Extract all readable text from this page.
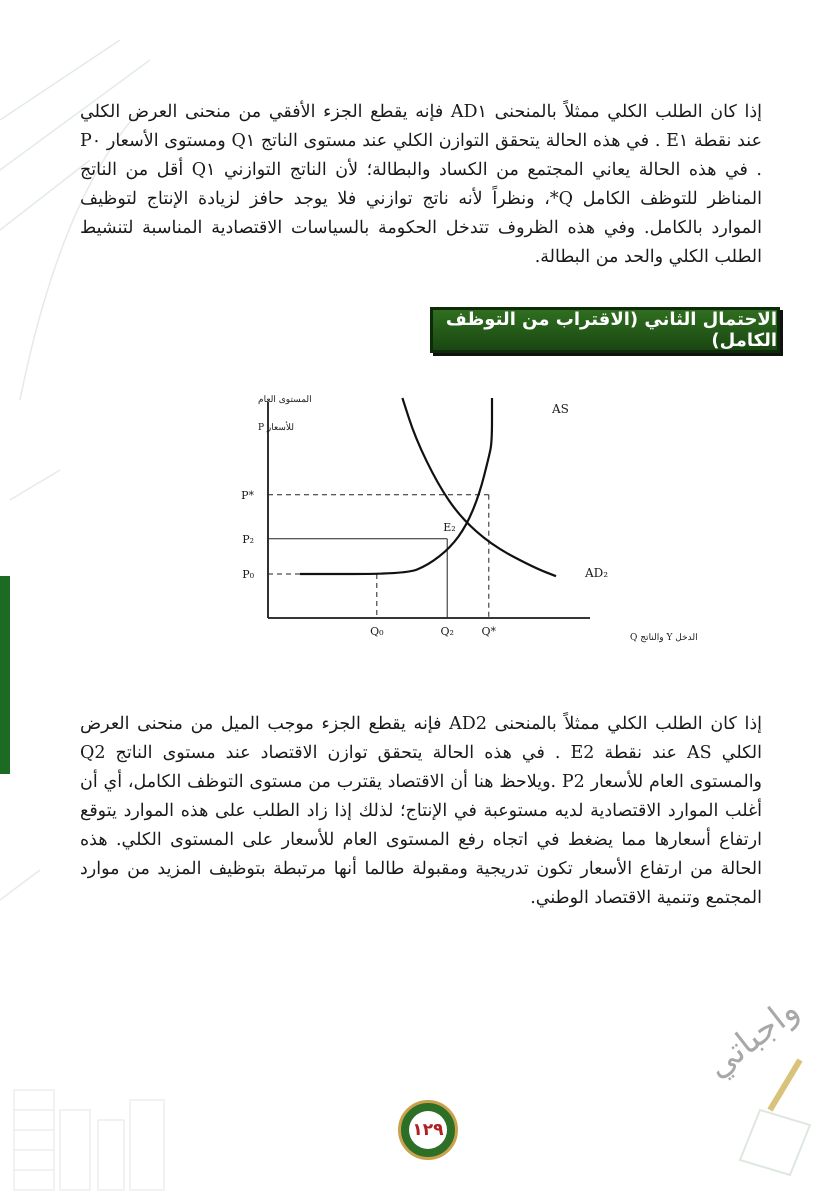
إذا كان الطلب الكلي ممثلاً بالمنحنى AD١ فإنه يقطع الجزء الأفقي من منحنى العرض الكلي عند نقطة E١ . في هذه الحالة يتحقق التوازن الكلي عند مستوى الناتج Q١ ومستوى الأسعار P٠ . في هذه الحالة يعاني المجتمع من الكساد والبطالة؛ لأن الناتج التوازني Q١ أقل من الناتج المناظر للتوظف الكامل Q*، ونظراً لأنه ناتج توازني فلا يوجد حافز لزيادة الإنتاج لتوظيف الموارد بالكامل. وفي هذه الظروف تتدخل الحكومة بالسياسات الاقتصادية المناسبة لتنشيط الطلب الكلي والحد من البطالة.

الاحتمال الثاني (الاقتراب من التوظف الكامل)
المستوى العام
للأسعار P
الدخل Y والناتج Q
AS
AD₂
E₂
P*
P₂
P₀
Q₀	Q₂	Q*

إذا كان الطلب الكلي ممثلاً بالمنحنى AD2 فإنه يقطع الجزء موجب الميل من منحنى العرض الكلي AS عند نقطة E2 . في هذه الحالة يتحقق توازن الاقتصاد عند مستوى الناتج Q2 والمستوى العام للأسعار P2 .ويلاحظ هنا أن الاقتصاد يقترب من مستوى التوظف الكامل، أي أن أغلب الموارد الاقتصادية لديه مستوعبة في الإنتاج؛ لذلك إذا زاد الطلب على هذه الموارد يتوقع ارتفاع أسعارها مما يضغط في اتجاه رفع المستوى العام للأسعار على المستوى الكلي. هذه الحالة من ارتفاع الأسعار تكون تدريجية ومقبولة طالما أنها مرتبطة بتوظيف المزيد من موارد المجتمع وتنمية الاقتصاد الوطني.

واجباتي
١٢٩
